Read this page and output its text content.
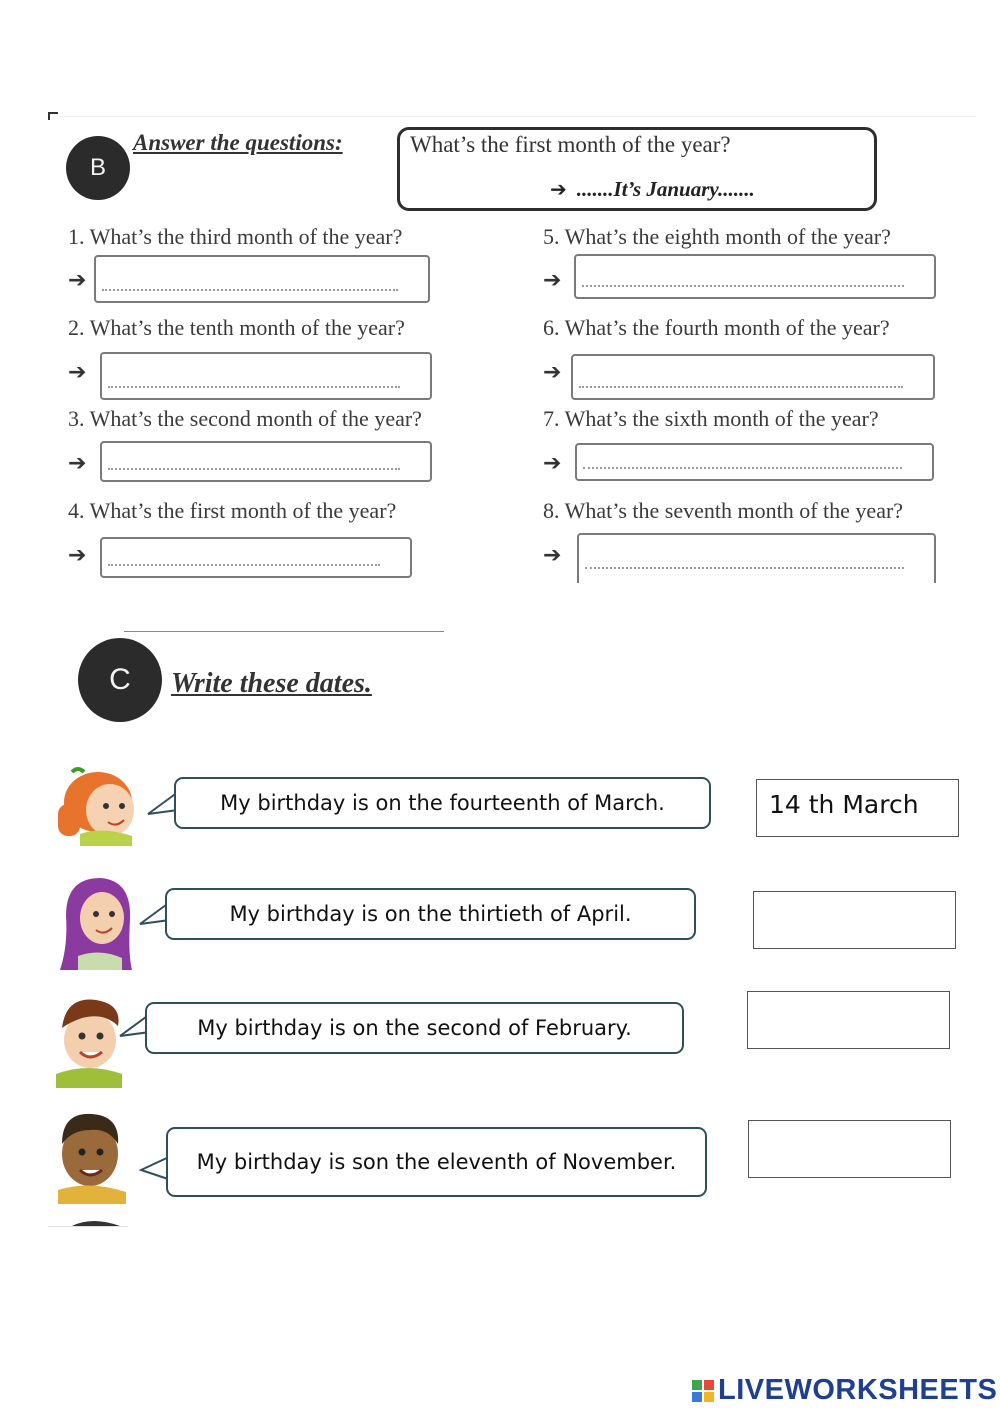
B
Answer the questions:	What’s the first month of the year?
➔ .......It’s January.......
1. What’s the third month of the year?
➔
2. What’s the tenth month of the year?
➔
3. What’s the second month of the year?
➔
4. What’s the first month of the year?
➔
5. What’s the eighth month of the year?
➔
6. What’s the fourth month of the year?
➔
7. What’s the sixth month of the year?
➔
8. What’s the seventh month of the year?
➔
C	Write these dates.
My birthday is on the fourteenth of March.	14 th March
My birthday is on the thirtieth of April.
My birthday is on the second of February.
My birthday is son the eleventh of November.
LIVEWORKSHEETS
